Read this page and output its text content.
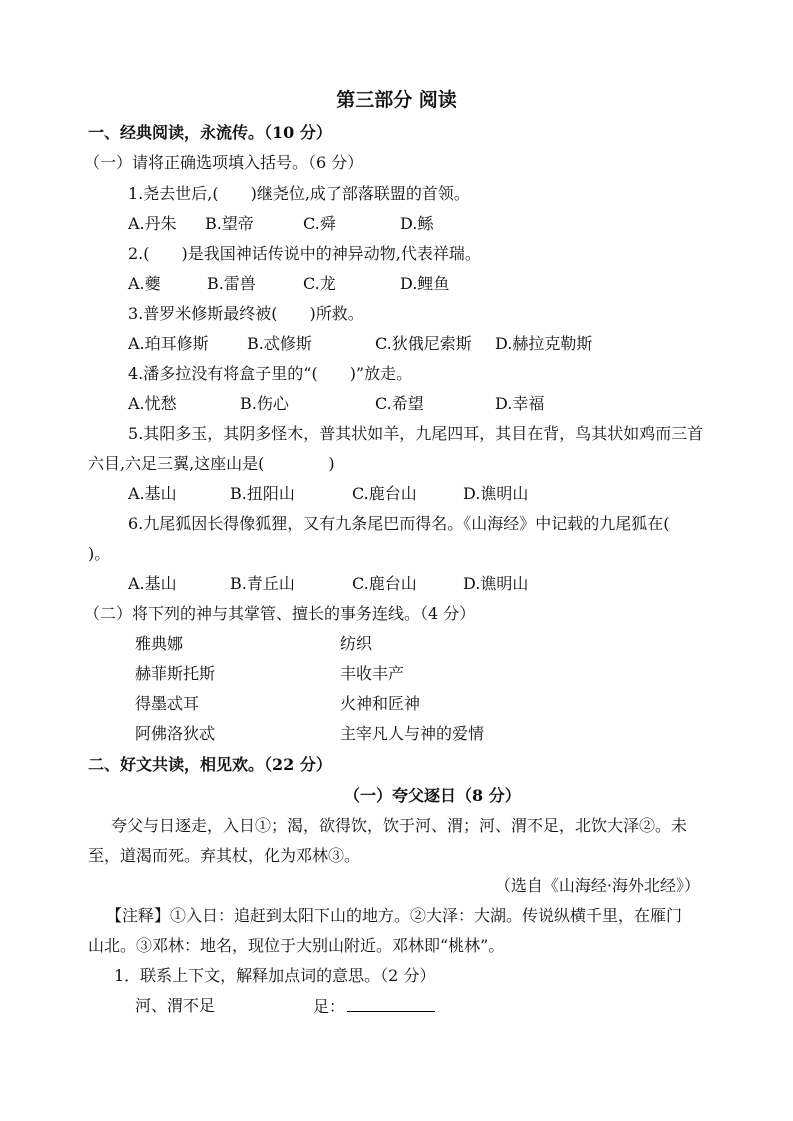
第三部分 阅读
一、经典阅读，永流传。（10 分）
（一）请将正确选项填入括号。（6 分）
1.尧去世后,(　　)继尧位,成了部落联盟的首领。
A.丹朱 B.望帝	C.舜	D.鲧
2.(　　)是我国神话传说中的神异动物,代表祥瑞。
A.夔	B.雷兽	C.龙	D.鲤鱼
3.普罗米修斯最终被(　　)所救。
A.珀耳修斯 B.忒修斯	C.狄俄尼索斯 D.赫拉克勒斯
4.潘多拉没有将盒子里的“(　　)”放走。
A.忧愁	B.伤心	C.希望	D.幸福
5.其阳多玉，其阴多怪木，普其状如羊，九尾四耳，其目在背，鸟其状如鸡而三首
六目,六足三翼,这座山是(　　　　)
A.基山	B.扭阳山	C.鹿台山	D.谯明山
6.九尾狐因长得像狐狸，又有九条尾巴而得名。《山海经》中记载的九尾狐在(
)。
A.基山	B.青丘山	C.鹿台山	D.谯明山
（二）将下列的神与其掌管、擅长的事务连线。（4 分）
雅典娜	纺织
赫菲斯托斯	丰收丰产
得墨忒耳	火神和匠神
阿佛洛狄忒	主宰凡人与神的爱情
二、好文共读，相见欢。（22 分）
（一）夸父逐日（8 分）
夸父与日逐走，入日①；渴，欲得饮，饮于河、渭；河、渭不足，北饮大泽②。未
至，道渴而死。弃其杖，化为邓林③。
（选自《山海经·海外北经》）
【注释】①入日：追赶到太阳下山的地方。②大泽：大湖。传说纵横千里，在雁门
山北。③邓林：地名，现位于大别山附近。邓林即“桃林”。
1．联系上下文，解释加点词的意思。（2 分）
河、渭不足	足：
